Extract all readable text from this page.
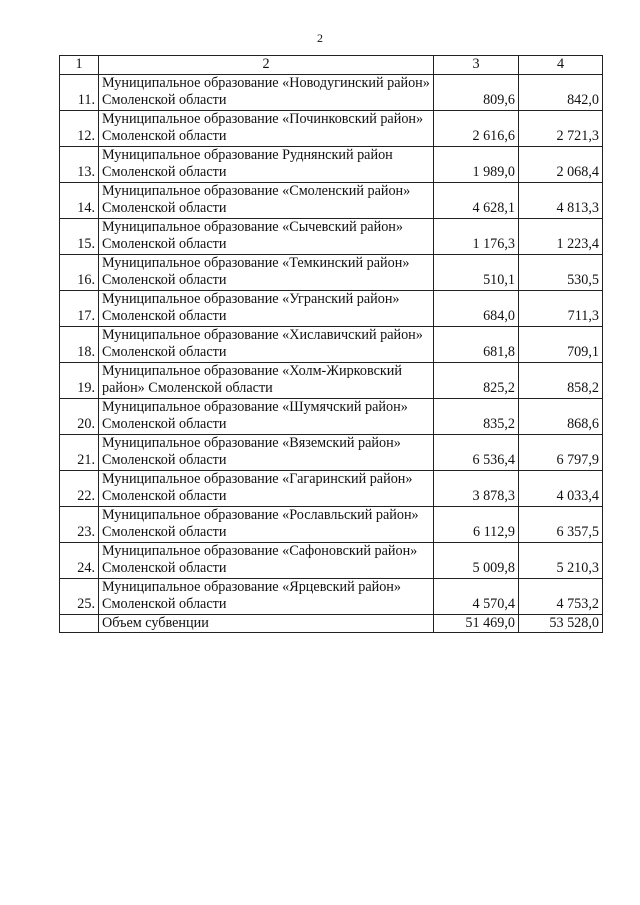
2
1	2	3	4
11.	Муниципальное образование «Новодугинский район» Смоленской области	809,6	842,0
12.	Муниципальное образование «Починковский район» Смоленской области	2 616,6	2 721,3
13.	Муниципальное образование Руднянский район Смоленской области	1 989,0	2 068,4
14.	Муниципальное образование «Смоленский район» Смоленской области	4 628,1	4 813,3
15.	Муниципальное образование «Сычевский район» Смоленской области	1 176,3	1 223,4
16.	Муниципальное образование «Темкинский район» Смоленской области	510,1	530,5
17.	Муниципальное образование «Угранский район» Смоленской области	684,0	711,3
18.	Муниципальное образование «Хиславичский район» Смоленской области	681,8	709,1
19.	Муниципальное образование «Холм-Жирковский район» Смоленской области	825,2	858,2
20.	Муниципальное образование «Шумячский район» Смоленской области	835,2	868,6
21.	Муниципальное образование «Вяземский район» Смоленской области	6 536,4	6 797,9
22.	Муниципальное образование «Гагаринский район» Смоленской области	3 878,3	4 033,4
23.	Муниципальное образование «Рославльский район» Смоленской области	6 112,9	6 357,5
24.	Муниципальное образование «Сафоновский район» Смоленской области	5 009,8	5 210,3
25.	Муниципальное образование «Ярцевский район» Смоленской области	4 570,4	4 753,2
	Объем субвенции	51 469,0	53 528,0
